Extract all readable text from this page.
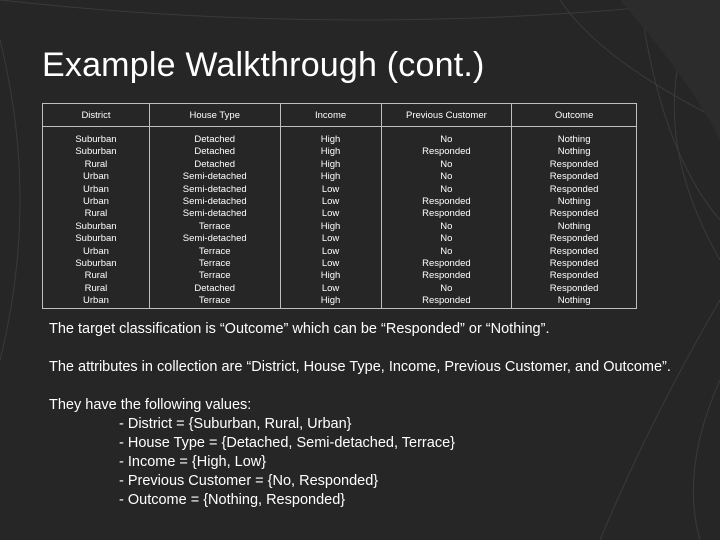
Example Walkthrough (cont.)
District	House Type	Income	Previous Customer	Outcome

Suburban	Detached	High	No	Nothing
Suburban	Detached	High	Responded	Nothing
Rural	Detached	High	No	Responded
Urban	Semi-detached	High	No	Responded
Urban	Semi-detached	Low	No	Responded
Urban	Semi-detached	Low	Responded	Nothing
Rural	Semi-detached	Low	Responded	Responded
Suburban	Terrace	High	No	Nothing
Suburban	Semi-detached	Low	No	Responded
Urban	Terrace	Low	No	Responded
Suburban	Terrace	Low	Responded	Responded
Rural	Terrace	High	Responded	Responded
Rural	Detached	Low	No	Responded
Urban	Terrace	High	Responded	Nothing

The target classification is “Outcome” which can be “Responded” or “Nothing”.

The attributes in collection are “District, House Type, Income, Previous Customer, and Outcome”.

They have the following values:
- District = {Suburban, Rural, Urban}
- House Type = {Detached, Semi-detached, Terrace}
- Income = {High, Low}
- Previous Customer = {No, Responded}
- Outcome = {Nothing, Responded}
